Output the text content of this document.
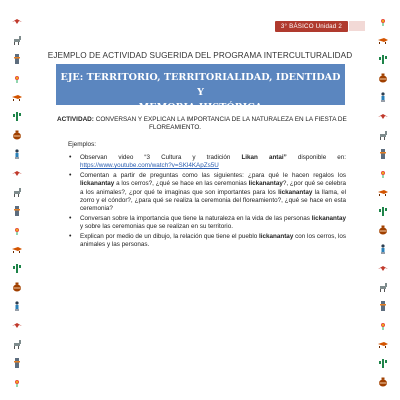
3° BÁSICO Unidad 2
EJEMPLO DE ACTIVIDAD SUGERIDA DEL PROGRAMA INTERCULTURALIDAD
EJE: TERRITORIO, TERRITORIALIDAD, IDENTIDAD Y
MEMORIA HISTÓRICA
ACTIVIDAD: CONVERSAN Y EXPLICAN LA IMPORTANCIA DE LA NATURALEZA EN LA FIESTA DE
FLOREAMIENTO.
Ejemplos:
• Observan video “3 Cultura y tradición Likan antai” disponible en: https://www.youtube.com/watch?v=SKl4KApZs5U
• Comentan a partir de preguntas como las siguientes: ¿para qué le hacen regalos los lickanantay a los cerros?, ¿qué se hace en las ceremonias lickanantay?, ¿por qué se celebra a los animales?, ¿por qué te imaginas que son importantes para los lickanantay la llama, el zorro y el cóndor?, ¿para qué se realiza la ceremonia del floreamiento?, ¿qué se hace en esta ceremonia?
• Conversan sobre la importancia que tiene la naturaleza en la vida de las personas lickanantay y sobre las ceremonias que se realizan en su territorio.
• Explican por medio de un dibujo, la relación que tiene el pueblo lickanantay con los cerros, los animales y las personas.
